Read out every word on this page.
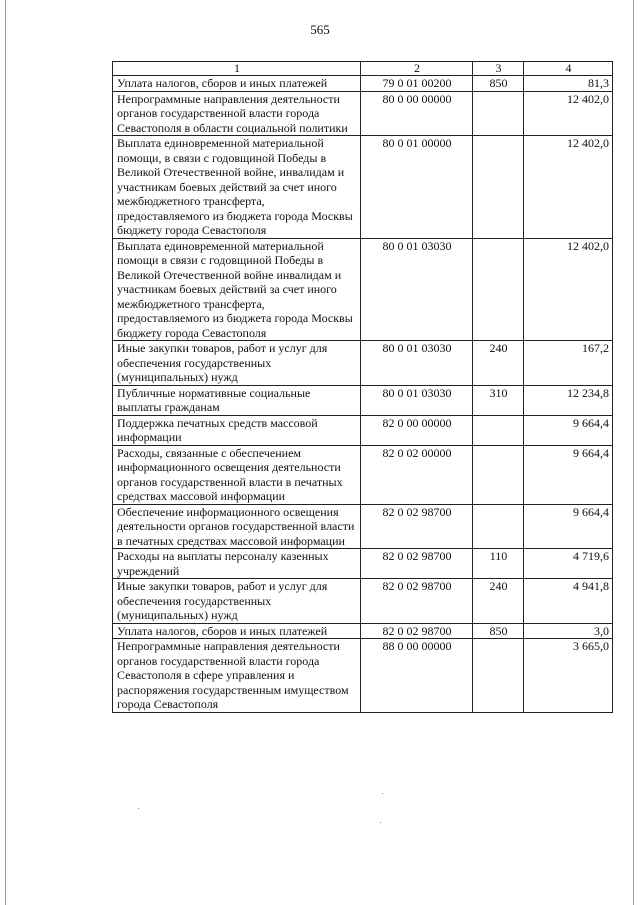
565
1	2	3	4
Уплата налогов, сборов и иных платежей	79 0 01 00200	850	81,3
Непрограммные направления деятельности органов государственной власти города Севастополя в области социальной политики	80 0 00 00000		12 402,0
Выплата единовременной материальной помощи, в связи с годовщиной Победы в Великой Отечественной войне, инвалидам и участникам боевых действий за счет иного межбюджетного трансферта, предоставляемого из бюджета города Москвы бюджету города Севастополя	80 0 01 00000		12 402,0
Выплата единовременной материальной помощи в связи с годовщиной Победы в Великой Отечественной войне инвалидам и участникам боевых действий за счет иного межбюджетного трансферта, предоставляемого из бюджета города Москвы бюджету города Севастополя	80 0 01 03030		12 402,0
Иные закупки товаров, работ и услуг для обеспечения государственных (муниципальных) нужд	80 0 01 03030	240	167,2
Публичные нормативные социальные выплаты гражданам	80 0 01 03030	310	12 234,8
Поддержка печатных средств массовой информации	82 0 00 00000		9 664,4
Расходы, связанные с обеспечением информационного освещения деятельности органов государственной власти в печатных средствах массовой информации	82 0 02 00000		9 664,4
Обеспечение информационного освещения деятельности органов государственной власти в печатных средствах массовой информации	82 0 02 98700		9 664,4
Расходы на выплаты персоналу казенных учреждений	82 0 02 98700	110	4 719,6
Иные закупки товаров, работ и услуг для обеспечения государственных (муниципальных) нужд	82 0 02 98700	240	4 941,8
Уплата налогов, сборов и иных платежей	82 0 02 98700	850	3,0
Непрограммные направления деятельности органов государственной власти города Севастополя в сфере управления и распоряжения государственным имуществом города Севастополя	88 0 00 00000		3 665,0
